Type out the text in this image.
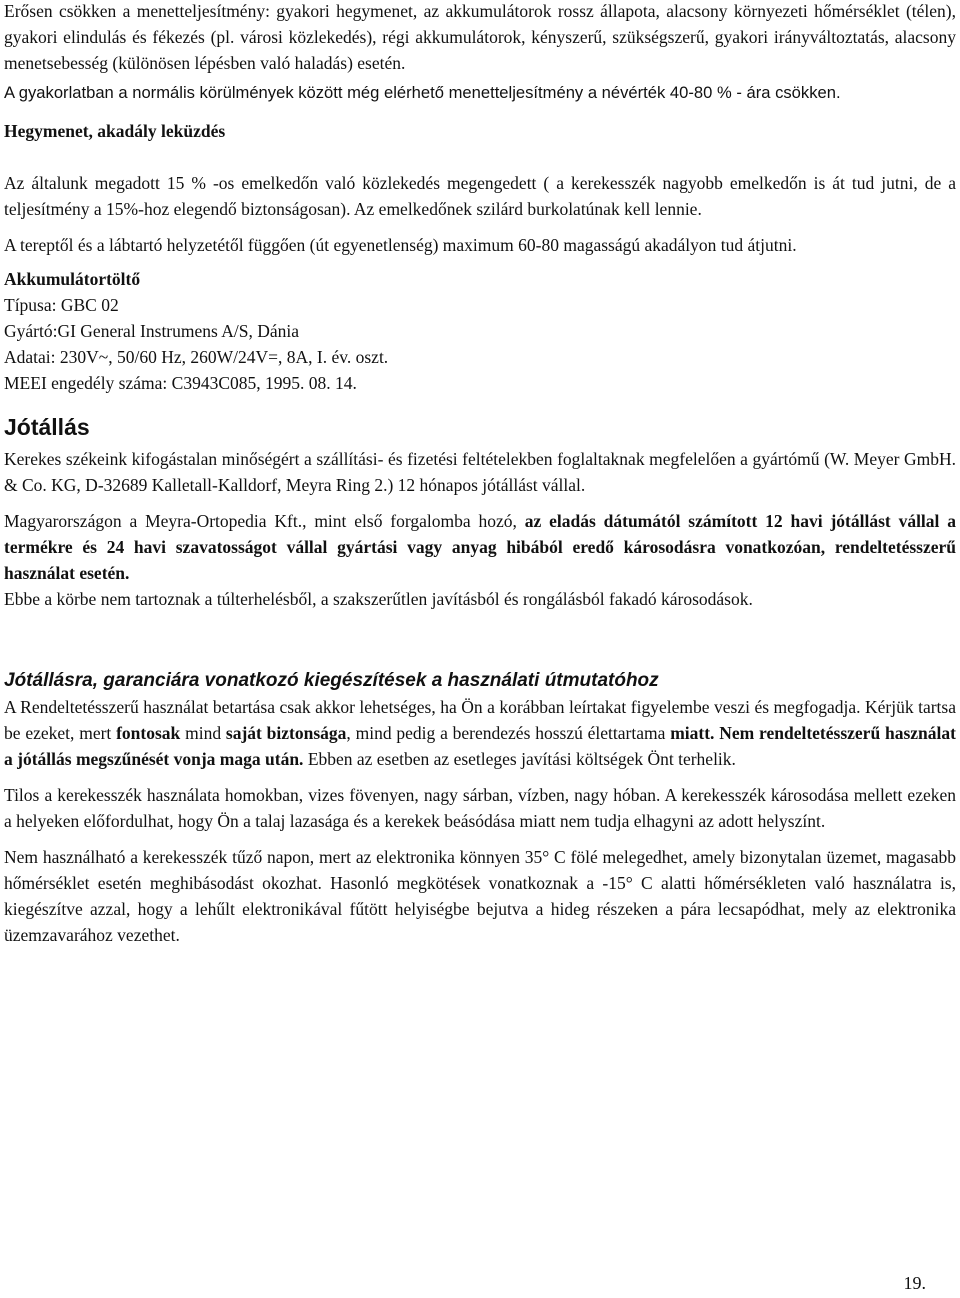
Erősen csökken a menetteljesítmény: gyakori hegymenet, az akkumulátorok rossz állapota, alacsony környezeti hőmérséklet (télen), gyakori elindulás és fékezés (pl. városi közlekedés), régi akkumulátorok, kényszerű, szükségszerű, gyakori irányváltoztatás, alacsony menetsebesség (különösen lépésben való haladás) esetén.

A gyakorlatban a normális körülmények között még elérhető menetteljesítmény a névérték 40-80 % - ára csökken.

Hegymenet, akadály leküzdés

Az általunk megadott 15 % -os emelkedőn való közlekedés megengedett ( a kerekesszék nagyobb emelkedőn is át tud jutni, de a teljesítmény a 15%-hoz elegendő biztonságosan). Az emelkedőnek szilárd burkolatúnak kell lennie.

A tereptől és a lábtartó helyzetétől függően (út egyenetlenség) maximum 60-80 magasságú akadályon tud átjutni.

Akkumulátortöltő

Típusa: GBC 02

Gyártó:GI General Instrumens A/S, Dánia

Adatai: 230V~, 50/60 Hz, 260W/24V=, 8A, I. év. oszt.

MEEI engedély száma: C3943C085, 1995. 08. 14.

Jótállás

Kerekes székeink kifogástalan minőségért a szállítási- és fizetési feltételekben foglaltaknak megfelelően a gyártómű (W. Meyer GmbH. & Co. KG, D-32689 Kalletall-Kalldorf, Meyra Ring 2.) 12 hónapos jótállást vállal.

Magyarországon a Meyra-Ortopedia Kft., mint első forgalomba hozó, az eladás dátumától számított 12 havi jótállást vállal a termékre és 24 havi szavatosságot vállal gyártási vagy anyag hibából eredő károsodásra vonatkozóan, rendeltetésszerű használat esetén.

Ebbe a körbe nem tartoznak a túlterhelésből, a szakszerűtlen javításból és rongálásból fakadó károsodások.

Jótállásra, garanciára vonatkozó kiegészítések a használati útmutatóhoz

A Rendeltetésszerű használat betartása csak akkor lehetséges, ha Ön a korábban leírtakat figyelembe veszi és megfogadja. Kérjük tartsa be ezeket, mert fontosak mind saját biztonsága, mind pedig a berendezés hosszú élettartama miatt. Nem rendeltetésszerű használat a jótállás megszűnését vonja maga után. Ebben az esetben az esetleges javítási költségek Önt terhelik.

Tilos a kerekesszék használata homokban, vizes fövenyen, nagy sárban, vízben, nagy hóban. A kerekesszék károsodása mellett ezeken a helyeken előfordulhat, hogy Ön a talaj lazasága és a kerekek beásódása miatt nem tudja elhagyni az adott helyszínt.

Nem használható a kerekesszék tűző napon, mert az elektronika könnyen 35° C fölé melegedhet, amely bizonytalan üzemet, magasabb hőmérséklet esetén meghibásodást okozhat. Hasonló megkötések vonatkoznak a -15° C alatti hőmérsékleten való használatra is, kiegészítve azzal, hogy a lehűlt elektronikával fűtött helyiségbe bejutva a hideg részeken a pára lecsapódhat, mely az elektronika üzemzavarához vezethet.

19.
